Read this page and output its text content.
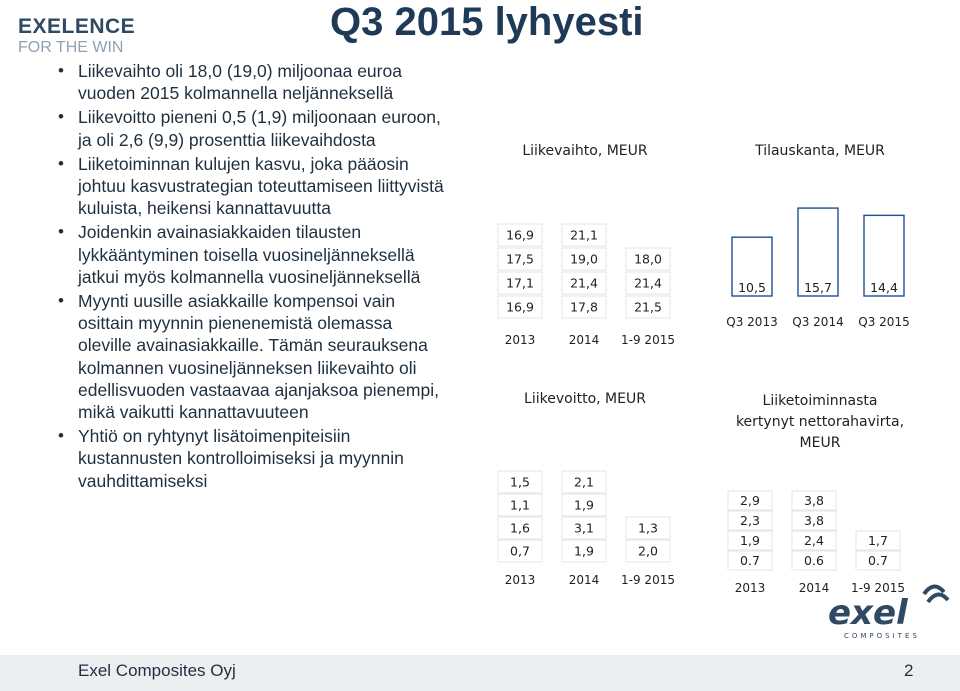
EXELENCE
FOR THE WIN
Q3 2015 lyhyesti
• Liikevaihto oli 18,0 (19,0) miljoonaa euroa vuoden 2015 kolmannella neljänneksellä
• Liikevoitto pieneni 0,5 (1,9) miljoonaan euroon, ja oli 2,6 (9,9) prosenttia liikevaihdosta
• Liiketoiminnan kulujen kasvu, joka pääosin johtuu kasvustrategian toteuttamiseen liittyvistä kuluista, heikensi kannattavuutta
• Joidenkin avainasiakkaiden tilausten lykkääntyminen toisella vuosineljänneksellä jatkui myös kolmannella vuosineljänneksellä
• Myynti uusille asiakkaille kompensoi vain osittain myynnin pienenemistä olemassa oleville avainasiakkaille. Tämän seurauksena kolmannen vuosineljänneksen liikevaihto oli edellisvuoden vastaavaa ajanjaksoa pienempi, mikä vaikutti kannattavuuteen
• Yhtiö on ryhtynyt lisätoimenpiteisiin kustannusten kontrolloimiseksi ja myynnin vauhdittamiseksi
Liikevaihto, MEUR
16,9
17,1
17,5
16,9
2013
17,8
21,4
19,0
21,1
2014
21,5
21,4
18,0
1-9 2015
Tilauskanta, MEUR
10,5
Q3 2013
15,7
Q3 2014
14,4
Q3 2015
Liikevoitto, MEUR
0,7
1,6
1,1
1,5
2013
1,9
3,1
1,9
2,1
2014
2,0
1,3
1-9 2015
Liiketoiminnasta kertynyt nettorahavirta, MEUR
0.7
1,9
2,3
2,9
2013
0.6
2,4
3,8
3,8
2014
0.7
1,7
1-9 2015
exel
COMPOSITES
Exel Composites Oyj	2
